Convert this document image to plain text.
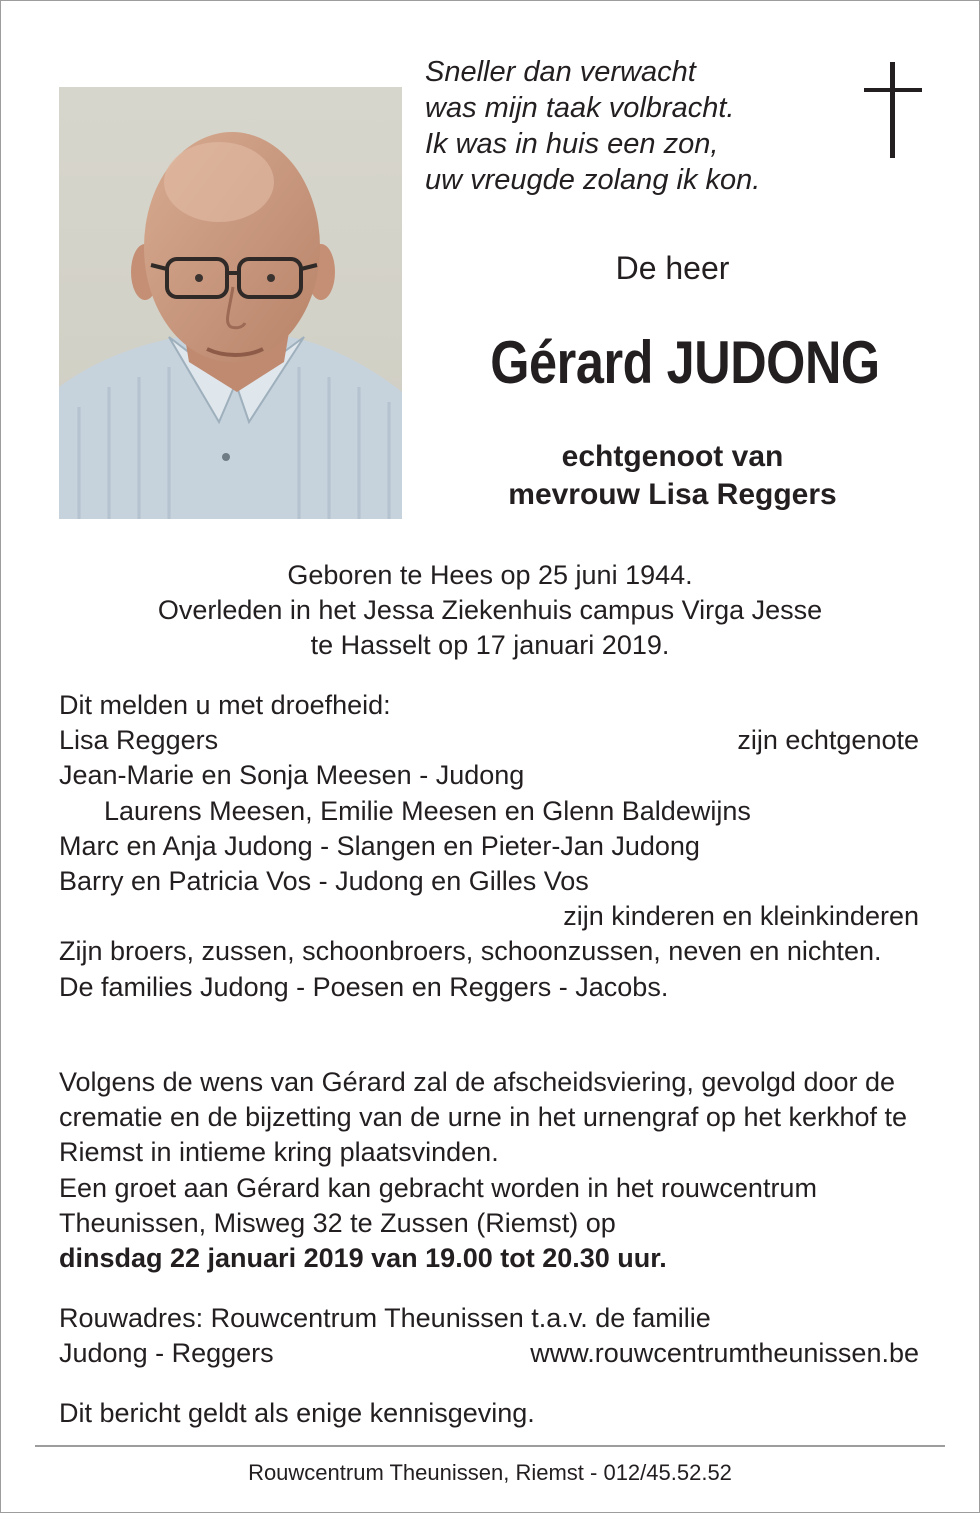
Sneller dan verwacht
was mijn taak volbracht.
Ik was in huis een zon,
uw vreugde zolang ik kon.
De heer
Gérard JUDONG
echtgenoot van
mevrouw Lisa Reggers
Geboren te Hees op 25 juni 1944.
Overleden in het Jessa Ziekenhuis campus Virga Jesse
te Hasselt op 17 januari 2019.
Dit melden u met droefheid:
Lisa Reggers	zijn echtgenote
Jean-Marie en Sonja Meesen - Judong
Laurens Meesen, Emilie Meesen en Glenn Baldewijns
Marc en Anja Judong - Slangen en Pieter-Jan Judong
Barry en Patricia Vos - Judong en Gilles Vos
zijn kinderen en kleinkinderen
Zijn broers, zussen, schoonbroers, schoonzussen, neven en nichten.
De families Judong - Poesen en Reggers - Jacobs.
Volgens de wens van Gérard zal de afscheidsviering, gevolgd door de crematie en de bijzetting van de urne in het urnengraf op het kerkhof te Riemst in intieme kring plaatsvinden.
Een groet aan Gérard kan gebracht worden in het rouwcentrum Theunissen, Misweg 32 te Zussen (Riemst) op
dinsdag 22 januari 2019 van 19.00 tot 20.30 uur.
Rouwadres: Rouwcentrum Theunissen t.a.v. de familie
Judong - Reggers	www.rouwcentrumtheunissen.be
Dit bericht geldt als enige kennisgeving.
Rouwcentrum Theunissen, Riemst - 012/45.52.52
